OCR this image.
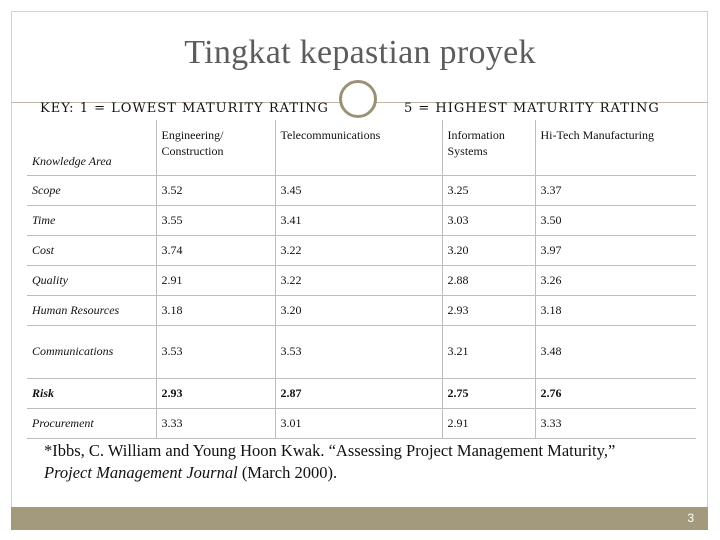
Tingkat kepastian proyek
KEY: 1 = LOWEST MATURITY RATING	5 = HIGHEST MATURITY RATING
Knowledge Area	Engineering/ Construction	Telecommunications	Information Systems	Hi-Tech Manufacturing
Scope	3.52	3.45	3.25	3.37
Time	3.55	3.41	3.03	3.50
Cost	3.74	3.22	3.20	3.97
Quality	2.91	3.22	2.88	3.26
Human Resources	3.18	3.20	2.93	3.18
Communications	3.53	3.53	3.21	3.48
Risk	2.93	2.87	2.75	2.76
Procurement	3.33	3.01	2.91	3.33
*Ibbs, C. William and Young Hoon Kwak. “Assessing Project Management Maturity,”
Project Management Journal (March 2000).
3
